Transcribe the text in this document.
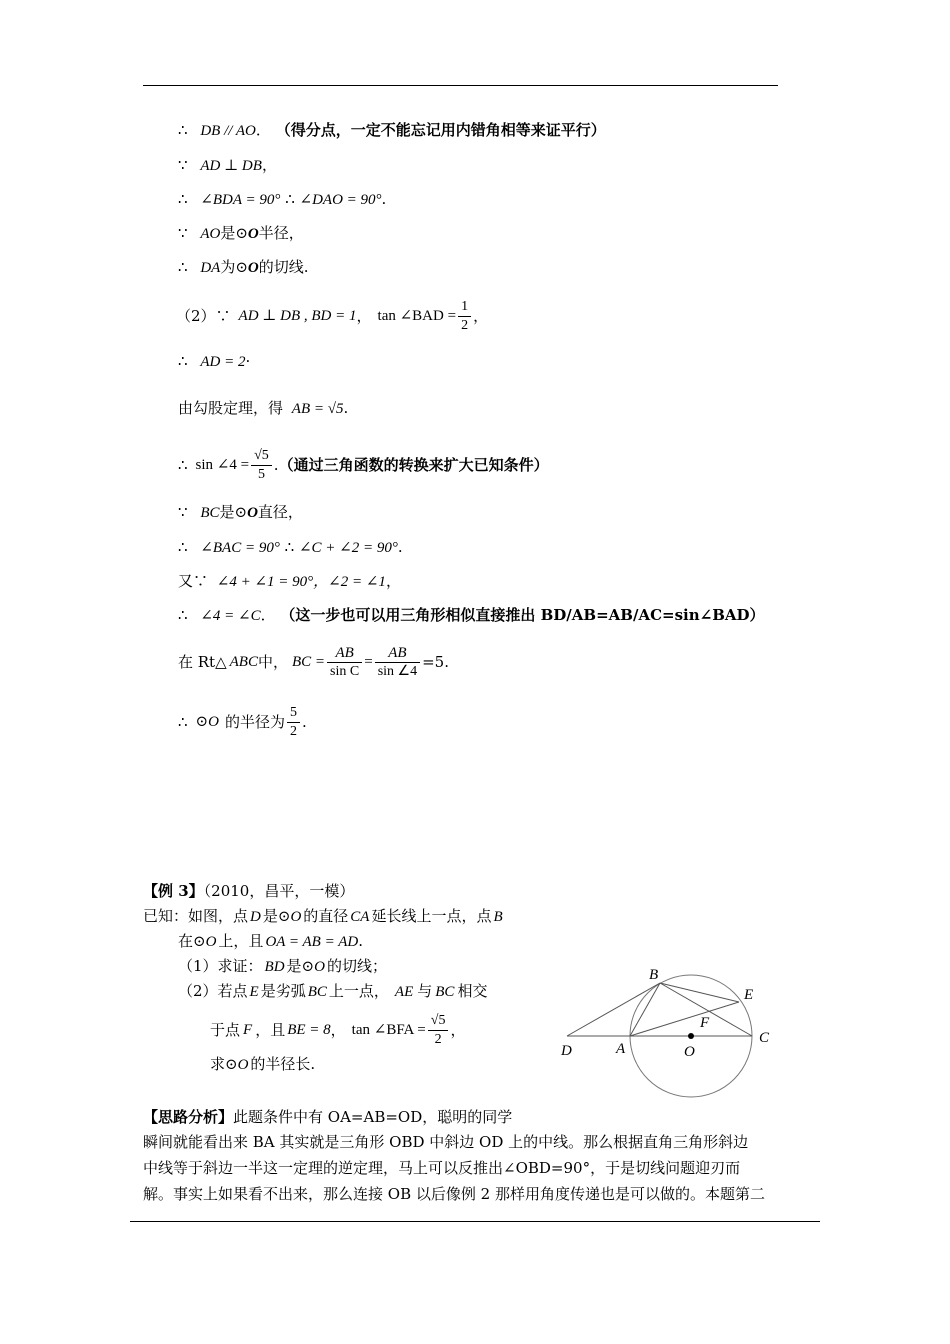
∴ DB // AO． （得分点，一定不能忘记用内错角相等来证平行）
∵ AD ⊥ DB，
∴ ∠BDA = 90° ∴ ∠DAO = 90°.
∵ AO是⊙O半径，
∴ DA为⊙O的切线.
（2）∵ AD ⊥ DB , BD = 1 ， tan ∠BAD = $\frac{1}{2}$ ，
∴ AD = 2·
由勾股定理，得 AB = √5.
∴ sin ∠4 = $\frac{√5}{5}$ . （通过三角函数的转换来扩大已知条件）
∵ BC是⊙O直径，
∴ ∠BAC = 90° ∴ ∠C + ∠2 = 90°.
又∵ ∠4 + ∠1 = 90°，∠2 = ∠1，
∴ ∠4 = ∠C． （这一步也可以用三角形相似直接推出 BD/AB=AB/AC=sin∠BAD）
在 Rt△ ABC 中， BC = $\frac{AB}{\text{sin C}} = \frac{AB}{\sin \angle 4} =5$.
∴ ⊙O 的半径为 $\frac{5}{2}$ .
【例 3】（2010，昌平，一模）
已知：如图，点 D 是⊙O 的直径 CA 延长线上一点，点 B
在⊙O 上，且 OA = AB = AD.
（1）求证： BD 是⊙O 的切线；
（2）若点 E 是劣弧 BC 上一点， AE 与 BC 相交
于点 F ，且 BE = 8 ， tan ∠BFA = $\frac{√5}{2}$ ，
求⊙O 的半径长.
B
E
F
C
D	A	O
【思路分析】此题条件中有 OA=AB=OD，聪明的同学
瞬间就能看出来 BA 其实就是三角形 OBD 中斜边 OD 上的中线。那么根据直角三角形斜边
中线等于斜边一半这一定理的逆定理，马上可以反推出∠OBD=90°，于是切线问题迎刃而
解。事实上如果看不出来，那么连接 OB 以后像例 2 那样用角度传递也是可以做的。本题第二
